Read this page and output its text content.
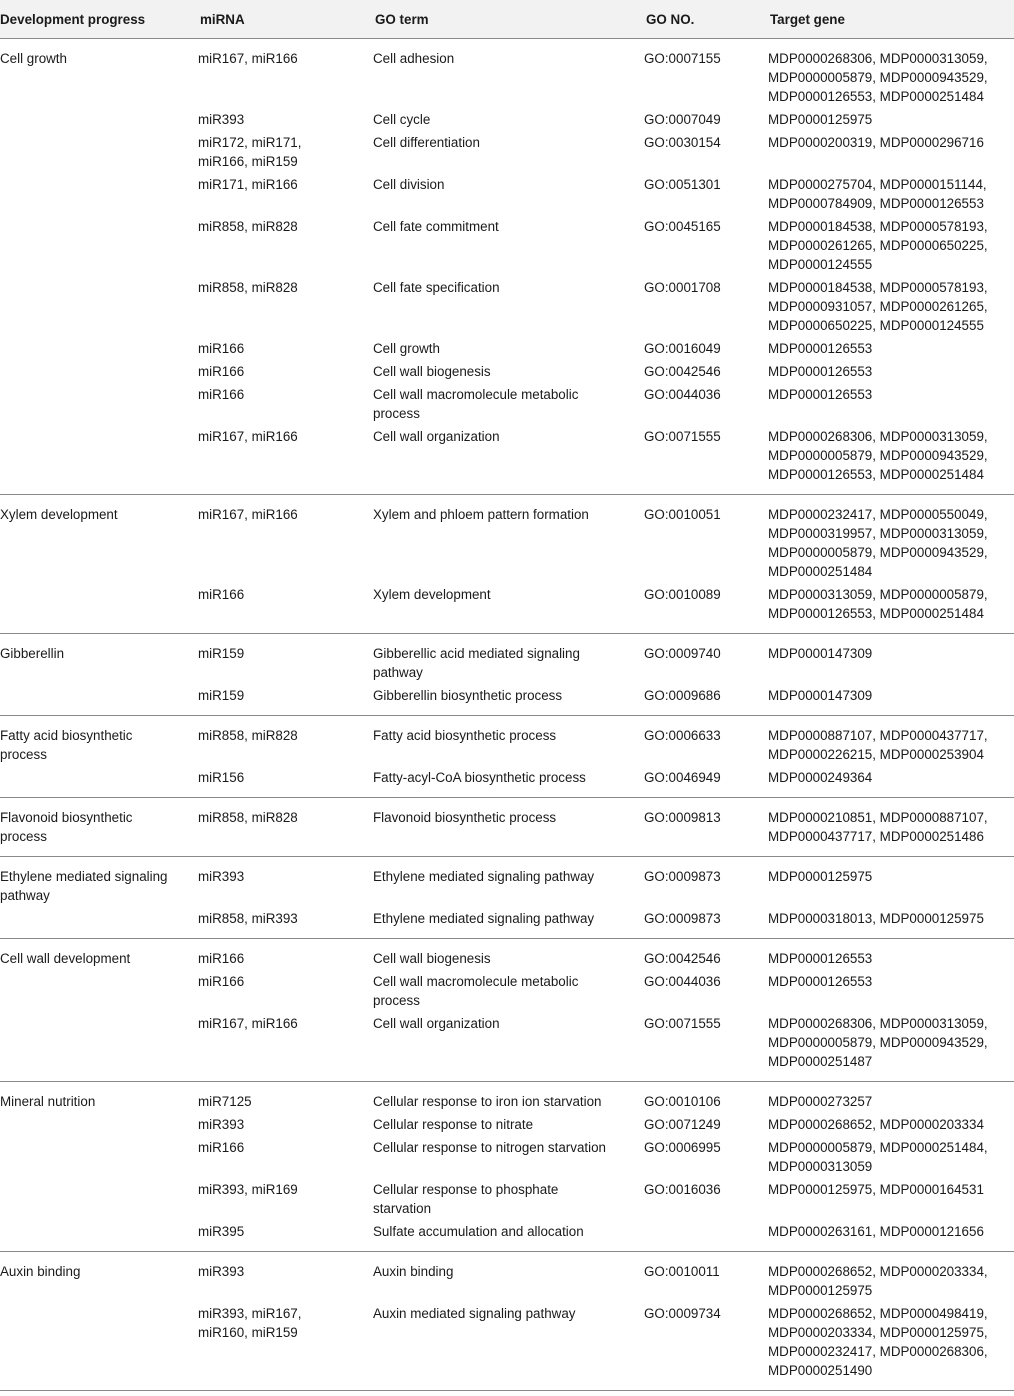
Development progress	miRNA	GO term	GO NO.	Target gene
Cell growth	miR167, miR166	Cell adhesion	GO:0007155	MDP0000268306, MDP0000313059,
MDP0000005879, MDP0000943529,
MDP0000126553, MDP0000251484
	miR393	Cell cycle	GO:0007049	MDP0000125975
	miR172, miR171,
miR166, miR159	Cell differentiation	GO:0030154	MDP0000200319, MDP0000296716
	miR171, miR166	Cell division	GO:0051301	MDP0000275704, MDP0000151144,
MDP0000784909, MDP0000126553
	miR858, miR828	Cell fate commitment	GO:0045165	MDP0000184538, MDP0000578193,
MDP0000261265, MDP0000650225,
MDP0000124555
	miR858, miR828	Cell fate specification	GO:0001708	MDP0000184538, MDP0000578193,
MDP0000931057, MDP0000261265,
MDP0000650225, MDP0000124555
	miR166	Cell growth	GO:0016049	MDP0000126553
	miR166	Cell wall biogenesis	GO:0042546	MDP0000126553
	miR166	Cell wall macromolecule metabolic
process	GO:0044036	MDP0000126553
	miR167, miR166	Cell wall organization	GO:0071555	MDP0000268306, MDP0000313059,
MDP0000005879, MDP0000943529,
MDP0000126553, MDP0000251484
Xylem development	miR167, miR166	Xylem and phloem pattern formation	GO:0010051	MDP0000232417, MDP0000550049,
MDP0000319957, MDP0000313059,
MDP0000005879, MDP0000943529,
MDP0000251484
	miR166	Xylem development	GO:0010089	MDP0000313059, MDP0000005879,
MDP0000126553, MDP0000251484
Gibberellin	miR159	Gibberellic acid mediated signaling
pathway	GO:0009740	MDP0000147309
	miR159	Gibberellin biosynthetic process	GO:0009686	MDP0000147309
Fatty acid biosynthetic
process	miR858, miR828	Fatty acid biosynthetic process	GO:0006633	MDP0000887107, MDP0000437717,
MDP0000226215, MDP0000253904
	miR156	Fatty-acyl-CoA biosynthetic process	GO:0046949	MDP0000249364
Flavonoid biosynthetic
process	miR858, miR828	Flavonoid biosynthetic process	GO:0009813	MDP0000210851, MDP0000887107,
MDP0000437717, MDP0000251486
Ethylene mediated signaling
pathway	miR393	Ethylene mediated signaling pathway	GO:0009873	MDP0000125975
	miR858, miR393	Ethylene mediated signaling pathway	GO:0009873	MDP0000318013, MDP0000125975
Cell wall development	miR166	Cell wall biogenesis	GO:0042546	MDP0000126553
	miR166	Cell wall macromolecule metabolic
process	GO:0044036	MDP0000126553
	miR167, miR166	Cell wall organization	GO:0071555	MDP0000268306, MDP0000313059,
MDP0000005879, MDP0000943529,
MDP0000251487
Mineral nutrition	miR7125	Cellular response to iron ion starvation	GO:0010106	MDP0000273257
	miR393	Cellular response to nitrate	GO:0071249	MDP0000268652, MDP0000203334
	miR166	Cellular response to nitrogen starvation	GO:0006995	MDP0000005879, MDP0000251484,
MDP0000313059
	miR393, miR169	Cellular response to phosphate
starvation	GO:0016036	MDP0000125975, MDP0000164531
	miR395	Sulfate accumulation and allocation		MDP0000263161, MDP0000121656
Auxin binding	miR393	Auxin binding	GO:0010011	MDP0000268652, MDP0000203334,
MDP0000125975
	miR393, miR167,
miR160, miR159	Auxin mediated signaling pathway	GO:0009734	MDP0000268652, MDP0000498419,
MDP0000203334, MDP0000125975,
MDP0000232417, MDP0000268306,
MDP0000251490
